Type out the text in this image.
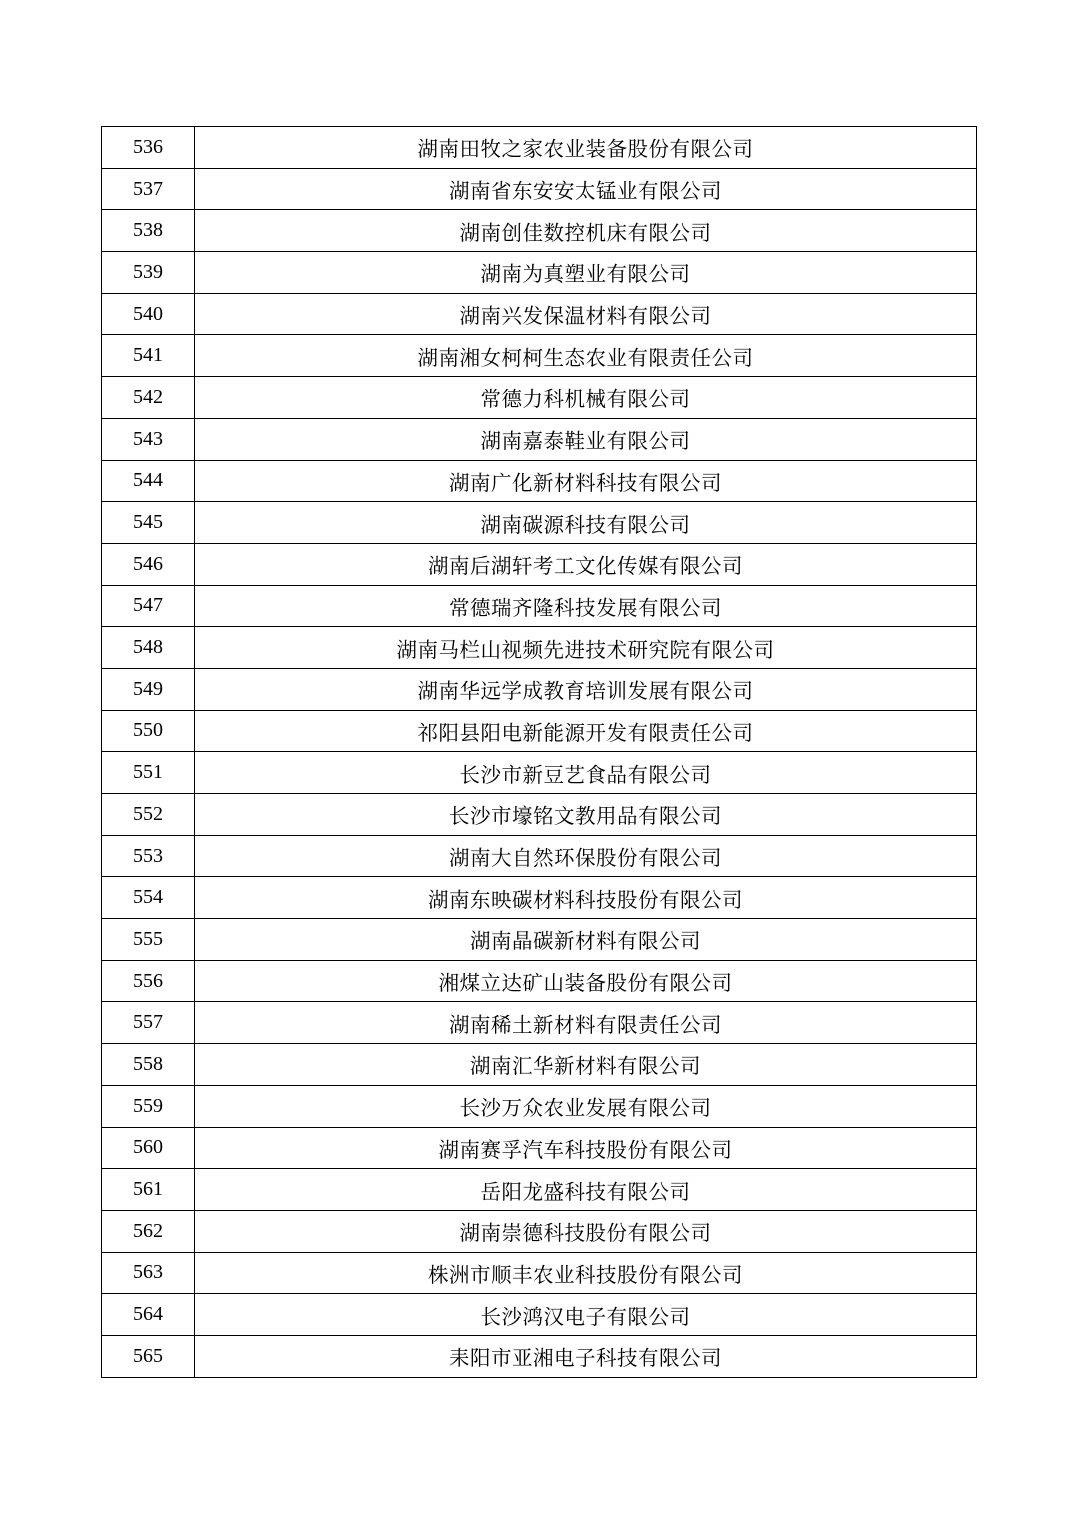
536	湖南田牧之家农业装备股份有限公司
537	湖南省东安安太锰业有限公司
538	湖南创佳数控机床有限公司
539	湖南为真塑业有限公司
540	湖南兴发保温材料有限公司
541	湖南湘女柯柯生态农业有限责任公司
542	常德力科机械有限公司
543	湖南嘉泰鞋业有限公司
544	湖南广化新材料科技有限公司
545	湖南碳源科技有限公司
546	湖南后湖轩考工文化传媒有限公司
547	常德瑞齐隆科技发展有限公司
548	湖南马栏山视频先进技术研究院有限公司
549	湖南华远学成教育培训发展有限公司
550	祁阳县阳电新能源开发有限责任公司
551	长沙市新豆艺食品有限公司
552	长沙市壕铭文教用品有限公司
553	湖南大自然环保股份有限公司
554	湖南东映碳材料科技股份有限公司
555	湖南晶碳新材料有限公司
556	湘煤立达矿山装备股份有限公司
557	湖南稀土新材料有限责任公司
558	湖南汇华新材料有限公司
559	长沙万众农业发展有限公司
560	湖南赛孚汽车科技股份有限公司
561	岳阳龙盛科技有限公司
562	湖南崇德科技股份有限公司
563	株洲市顺丰农业科技股份有限公司
564	长沙鸿汉电子有限公司
565	耒阳市亚湘电子科技有限公司
